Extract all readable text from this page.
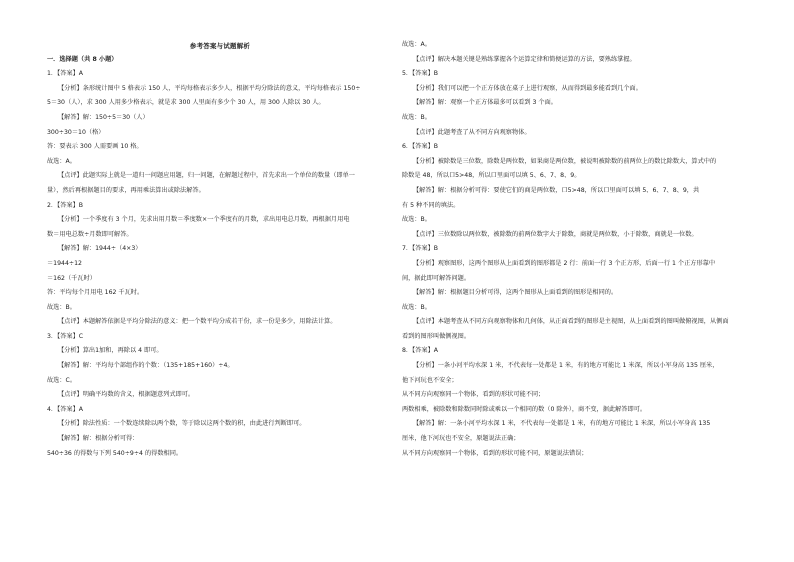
参考答案与试题解析
一．选择题（共 8 小题）
1．【答案】A
【分析】条形统计图中 5 格表示 150 人，平均每格表示多少人，根据平均分除法的意义，平均每格表示 150÷
5＝30（人），求 300 人用多少格表示，就是求 300 人里面有多少个 30 人，用 300 人除以 30 人。
【解答】解：150÷5＝30（人）
300÷30＝10（格）
答：要表示 300 人需要画 10 格。
故选：A。
【点评】此题实际上就是一道归一问题应用题，归一问题，在解题过程中，首先求出一个单位的数量（即单一
量），然后再根据题目的要求，再用乘法算出或除法解答。
2．【答案】B
【分析】一个季度有 3 个月，先求出用月数＝季度数×一个季度有的月数，求出用电总月数，再根据月用电
数＝用电总数÷月数即可解答。
【解答】解：1944÷（4×3）
＝1944÷12
＝162（千瓦时）
答：平均每个月用电 162 千瓦时。
故选：B。
【点评】本题解答依据是平均分除法的意义：把一个数平均分成若干份，求一份是多少，用除法计算。
3．【答案】C
【分析】算出1加和，再除以 4 即可。
【解答】解：平均每个部组作的个数：（135+185+160）÷4。
故选：C。
【点评】明确平均数的含义，根据题意列式即可。
4．【答案】A
【分析】除法性质：一个数连续除以两个数，等于除以这两个数的积，由此进行判断即可。
【解答】解：根据分析可得：
540÷36 的得数与下列 540÷9÷4 的得数相同。
故选：A。
【点评】解决本题关键是熟练掌握各个运算定律和简便运算的方法，要熟练掌握。
5．【答案】B
【分析】我们可以把一个正方体放在桌子上进行观察，从而得到最多能看到几个面。
【解答】解：观察一个正方体最多可以看到 3 个面。
故选：B。
【点评】此题考查了从不同方向观察物体。
6．【答案】B
【分析】被除数是三位数，除数是两位数，如果商是两位数，被说明被除数的前两位上的数比除数大，算式中的
除数是 48，所以口5>48，所以口里面可以填 5、6、7、8、9。
【解答】解：根据分析可得：要使它们的商是两位数，口5>48，所以口里面可以填 5、6、7、8、9，共
有 5 种不同的填法。
故选：B。
【点评】三位数除以两位数，被除数的前两位数字大于除数，商就是两位数，小于除数，商就是一位数。
7．【答案】B
【分析】观察图形，这两个图形从上面看到的图形都是 2 行：前面一行 3 个正方形，后面一行 1 个正方形靠中
间，据此即可解答问题。
【解答】解：根据题目分析可得，这两个图形从上面看到的图形是相同的。
故选：B。
【点评】本题考查从不同方向观察物体和几何体，从正面看到的图形是主视图，从上面看到的图叫做俯视图，从侧面
看到的图形叫做侧视图。
8．【答案】A
【分析】一条小河平均水深 1 米，不代表每一处都是 1 米，有的地方可能比 1 米深，所以小军身高 135 厘米，
他下河玩也不安全；
从不同方向观察同一个物体，看到的形状可能不同；
两数相乘，被除数和除数同时除或乘以一个相同的数（0 除外），商不变，据此解答即可。
【解答】解：一条小河平均水深 1 米，不代表每一处都是 1 米，有的地方可能比 1 米深，所以小军身高 135
厘米，他下河玩也不安全，原题说法正确；
从不同方向观察同一个物体，看到的形状可能不同，原题说法错误；
